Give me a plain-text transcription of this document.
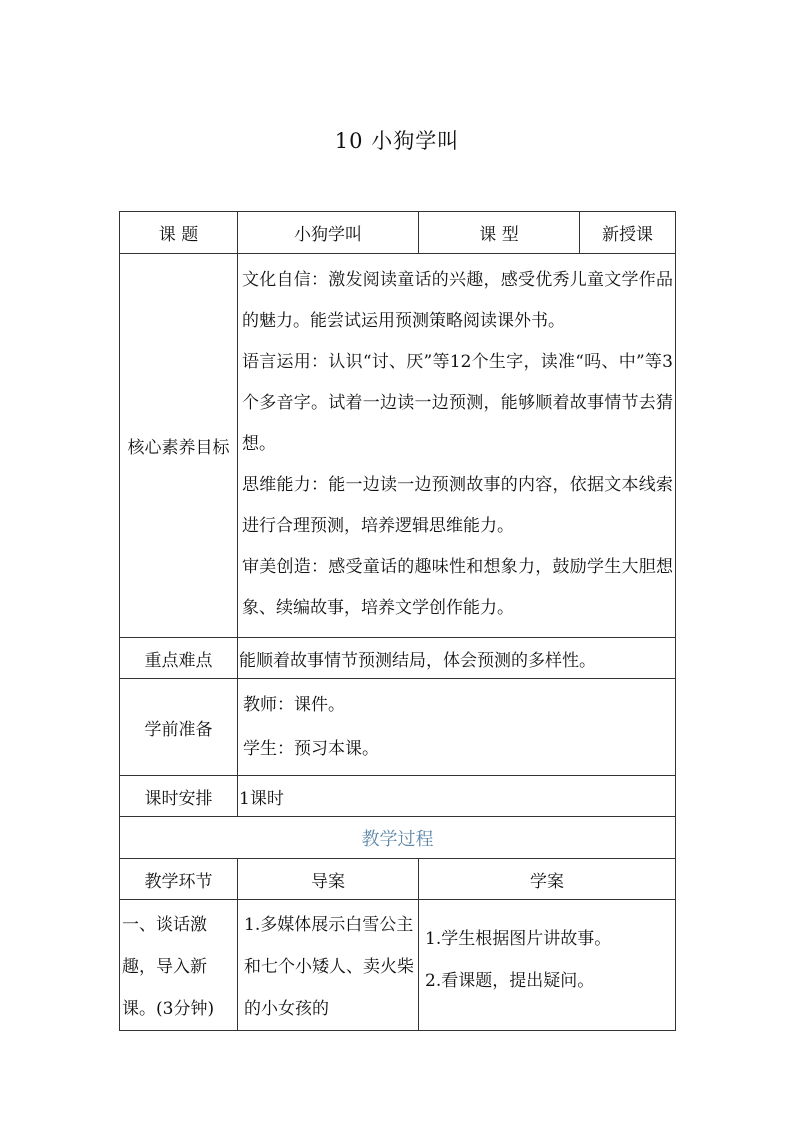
10 小狗学叫
课 题	小狗学叫	课 型	新授课
核心素养目标	文化自信：激发阅读童话的兴趣，感受优秀儿童文学作品的魅力。能尝试运用预测策略阅读课外书。

语言运用：认识“讨、厌”等12个生字，读准“吗、中”等3个多音字。试着一边读一边预测，能够顺着故事情节去猜想。

思维能力：能一边读一边预测故事的内容，依据文本线索进行合理预测，培养逻辑思维能力。

审美创造：感受童话的趣味性和想象力，鼓励学生大胆想象、续编故事，培养文学创作能力。		

重点难点	能顺着故事情节预测结局，体会预测的多样性。		
学前准备	教师：课件。

学生：预习本课。		

课时安排	1课时		
教学过程			
教学环节	导案	学案	
一、谈话激趣，导入新课。(3分钟)	1.多媒体展示白雪公主和七个小矮人、卖火柴的小女孩的	1.学生根据图片讲故事。

2.看课题，提出疑问。	
